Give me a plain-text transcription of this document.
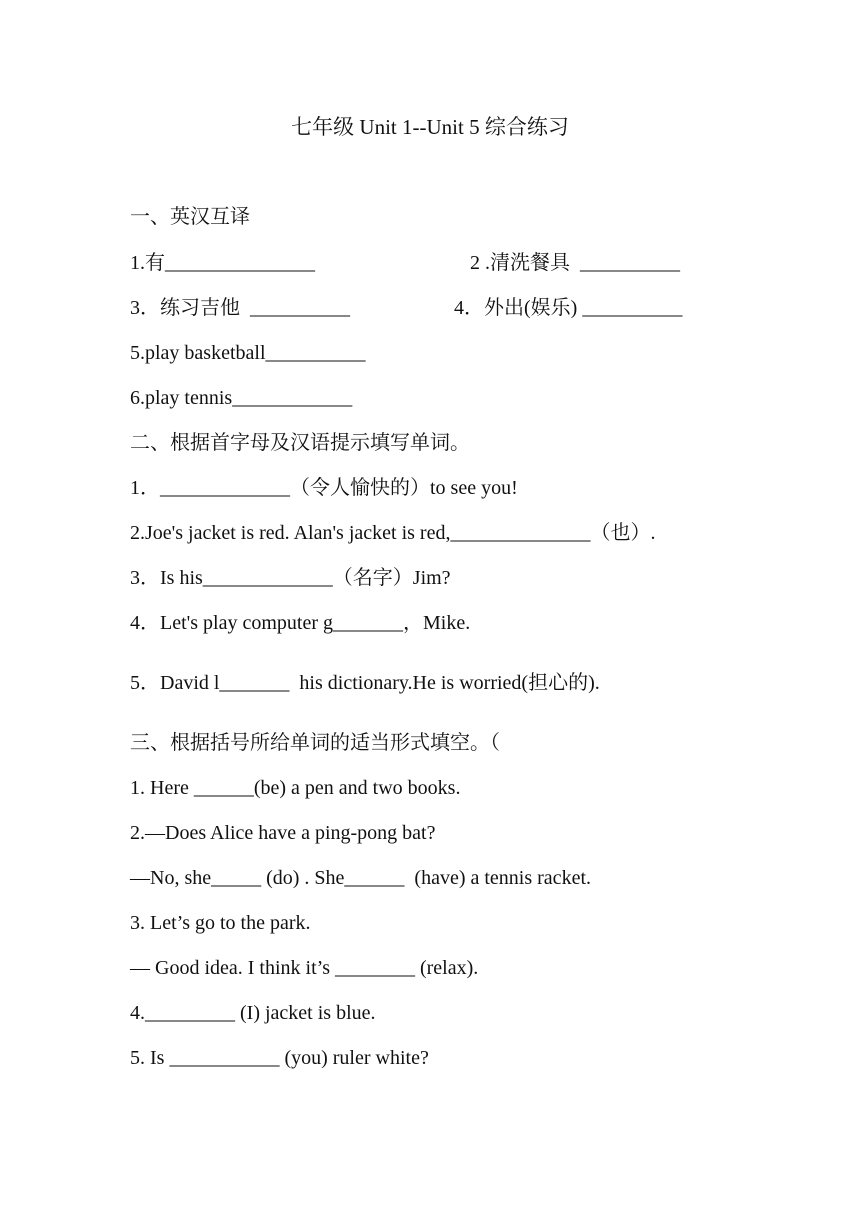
七年级 Unit 1--Unit 5 综合练习
一、英汉互译
1.有_______________	2 .清洗餐具  __________
3．练习吉他  __________	4．外出(娱乐) __________
5.play basketball__________
6.play tennis____________
二、根据首字母及汉语提示填写单词。
1．_____________（令人愉快的）to see you!
2.Joe's jacket is red. Alan's jacket is red,______________（也）.
3．Is his_____________（名字）Jim?
4．Let's play computer g_______，Mike.
5．David l_______  his dictionary.He is worried(担心的).
三、根据括号所给单词的适当形式填空。（
1. Here ______(be) a pen and two books.
2.—Does Alice have a ping-pong bat?
—No, she_____ (do) . She______  (have) a tennis racket.
3. Let’s go to the park.
— Good idea. I think it’s ________ (relax).
4._________ (I) jacket is blue.
5. Is ___________ (you) ruler white?
